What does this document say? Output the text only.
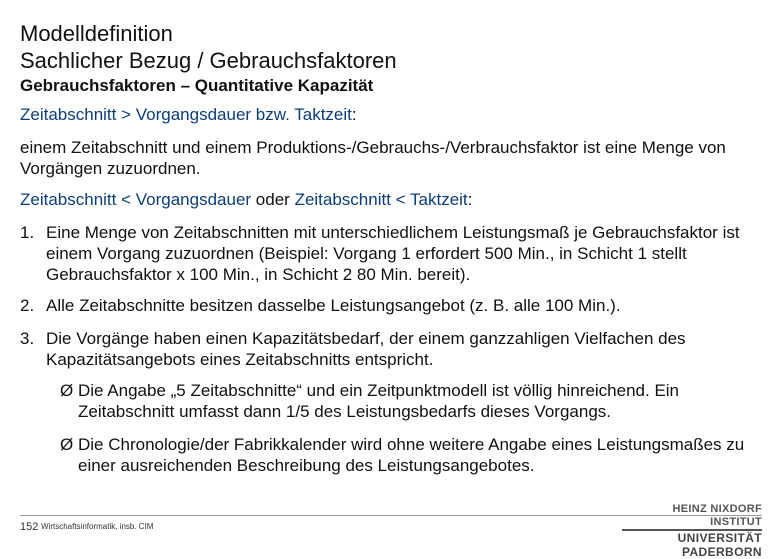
Modelldefinition
Sachlicher Bezug / Gebrauchsfaktoren
Gebrauchsfaktoren – Quantitative Kapazität
Zeitabschnitt > Vorgangsdauer bzw. Taktzeit:
einem Zeitabschnitt und einem Produktions-/Gebrauchs-/Verbrauchsfaktor ist eine Menge von Vorgängen zuzuordnen.
Zeitabschnitt < Vorgangsdauer oder Zeitabschnitt < Taktzeit:
1. Eine Menge von Zeitabschnitten mit unterschiedlichem Leistungsmaß je Gebrauchsfaktor ist einem Vorgang zuzuordnen (Beispiel: Vorgang 1 erfordert 500 Min., in Schicht 1 stellt Gebrauchsfaktor x 100 Min., in Schicht 2 80 Min. bereit).
2. Alle Zeitabschnitte besitzen dasselbe Leistungsangebot (z. B. alle 100 Min.).
3. Die Vorgänge haben einen Kapazitätsbedarf, der einem ganzzahligen Vielfachen des Kapazitätsangebots eines Zeitabschnitts entspricht.
Ø Die Angabe „5 Zeitabschnitte“ und ein Zeitpunktmodell ist völlig hinreichend. Ein Zeitabschnitt umfasst dann 1/5 des Leistungsbedarfs dieses Vorgangs.
Ø Die Chronologie/der Fabrikkalender wird ohne weitere Angabe eines Leistungsmaßes zu einer ausreichenden Beschreibung des Leistungsangebotes.
152 Wirtschaftsinformatik, insb. CIM
HEINZ NIXDORF INSTITUT
UNIVERSITÄT PADERBORN
